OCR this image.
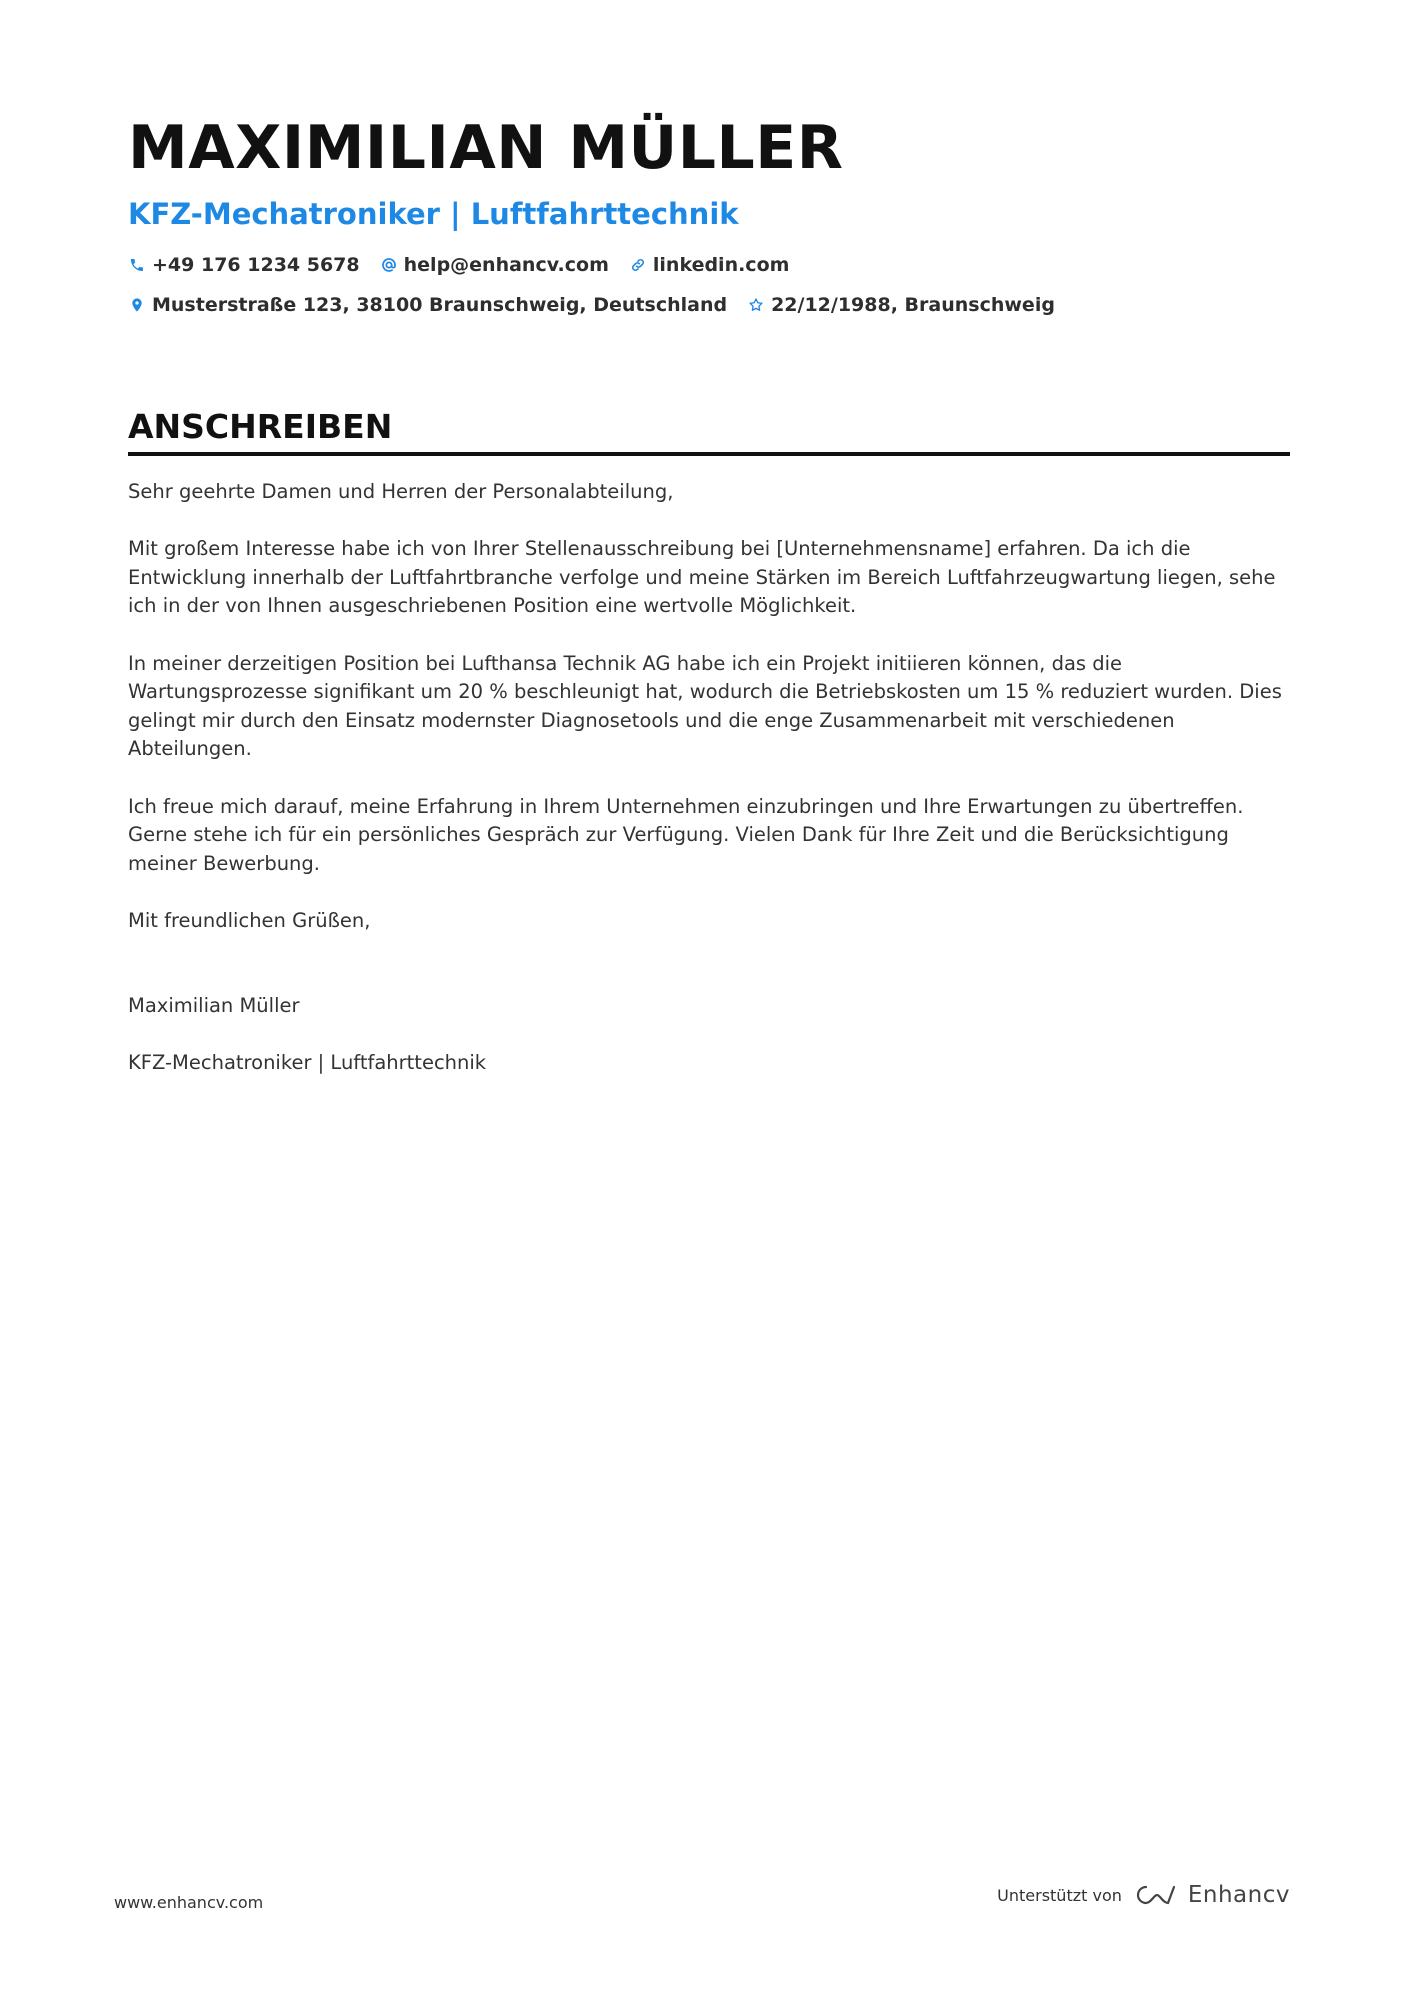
MAXIMILIAN MÜLLER
KFZ-Mechatroniker | Luftfahrttechnik
+49 176 1234 5678 help@enhancv.com linkedin.com
Musterstraße 123, 38100 Braunschweig, Deutschland 22/12/1988, Braunschweig
ANSCHREIBEN
Sehr geehrte Damen und Herren der Personalabteilung,
Mit großem Interesse habe ich von Ihrer Stellenausschreibung bei [Unternehmensname] erfahren. Da ich die Entwicklung innerhalb der Luftfahrtbranche verfolge und meine Stärken im Bereich Luftfahrzeugwartung liegen, sehe ich in der von Ihnen ausgeschriebenen Position eine wertvolle Möglichkeit.
In meiner derzeitigen Position bei Lufthansa Technik AG habe ich ein Projekt initiieren können, das die Wartungsprozesse signifikant um 20 % beschleunigt hat, wodurch die Betriebskosten um 15 % reduziert wurden. Dies gelingt mir durch den Einsatz modernster Diagnosetools und die enge Zusammenarbeit mit verschiedenen Abteilungen.
Ich freue mich darauf, meine Erfahrung in Ihrem Unternehmen einzubringen und Ihre Erwartungen zu übertreffen. Gerne stehe ich für ein persönliches Gespräch zur Verfügung. Vielen Dank für Ihre Zeit und die Berücksichtigung meiner Bewerbung.
Mit freundlichen Grüßen,
Maximilian Müller
KFZ-Mechatroniker | Luftfahrttechnik
www.enhancv.com	Unterstützt von	Enhancv
